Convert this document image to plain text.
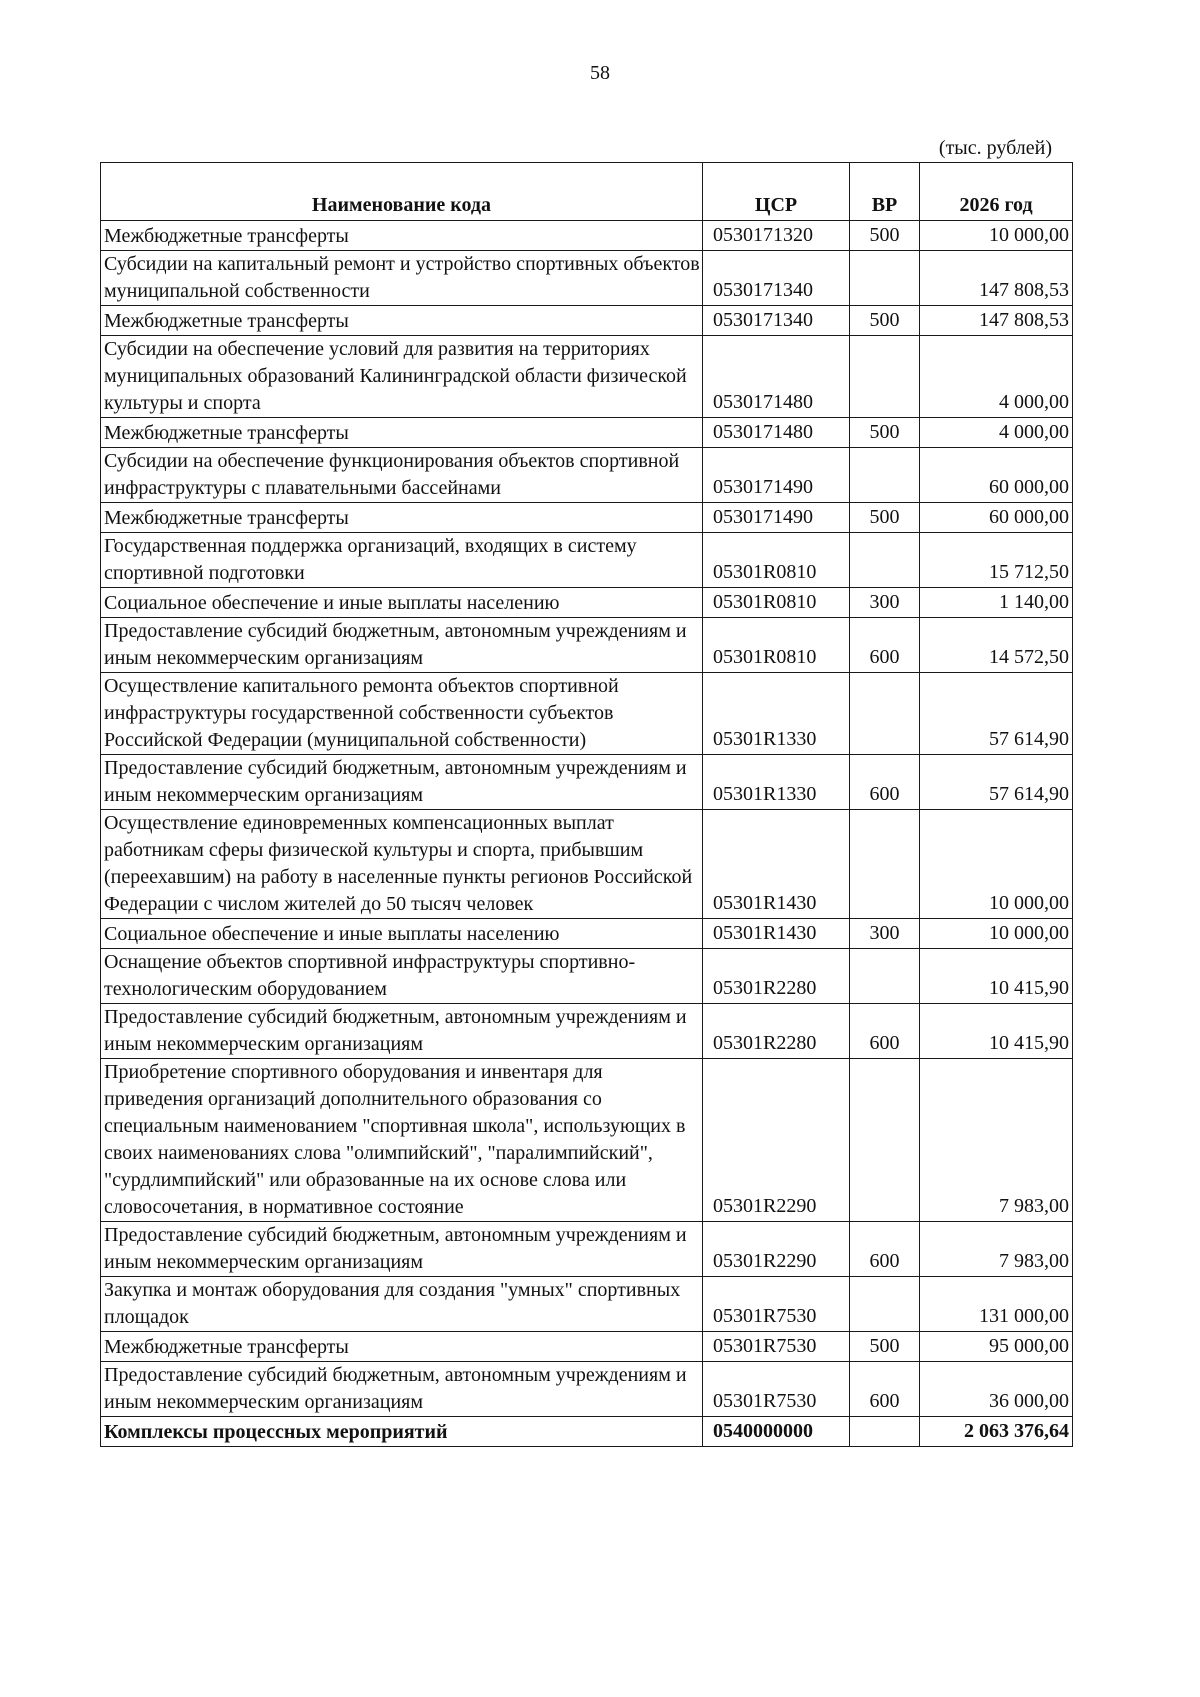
58
(тыс. рублей)
Наименование кода	ЦСР	ВР	2026 год
Межбюджетные трансферты	0530171320	500	10 000,00
Субсидии на капитальный ремонт и устройство спортивных объектов муниципальной собственности	0530171340		147 808,53
Межбюджетные трансферты	0530171340	500	147 808,53
Субсидии на обеспечение условий для развития на территориях муниципальных образований Калининградской области физической культуры и спорта	0530171480		4 000,00
Межбюджетные трансферты	0530171480	500	4 000,00
Субсидии на обеспечение функционирования объектов спортивной инфраструктуры с плавательными бассейнами	0530171490		60 000,00
Межбюджетные трансферты	0530171490	500	60 000,00
Государственная поддержка организаций, входящих в систему спортивной подготовки	05301R0810		15 712,50
Социальное обеспечение и иные выплаты населению	05301R0810	300	1 140,00
Предоставление субсидий бюджетным, автономным учреждениям и иным некоммерческим организациям	05301R0810	600	14 572,50
Осуществление капитального ремонта объектов спортивной инфраструктуры государственной собственности субъектов Российской Федерации (муниципальной собственности)	05301R1330		57 614,90
Предоставление субсидий бюджетным, автономным учреждениям и иным некоммерческим организациям	05301R1330	600	57 614,90
Осуществление единовременных компенсационных выплат работникам сферы физической культуры и спорта, прибывшим (переехавшим) на работу в населенные пункты регионов Российской Федерации с числом жителей до 50 тысяч человек	05301R1430		10 000,00
Социальное обеспечение и иные выплаты населению	05301R1430	300	10 000,00
Оснащение объектов спортивной инфраструктуры спортивно-технологическим оборудованием	05301R2280		10 415,90
Предоставление субсидий бюджетным, автономным учреждениям и иным некоммерческим организациям	05301R2280	600	10 415,90
Приобретение спортивного оборудования и инвентаря для приведения организаций дополнительного образования со специальным наименованием "спортивная школа", использующих в своих наименованиях слова "олимпийский", "паралимпийский", "сурдлимпийский" или образованные на их основе слова или словосочетания, в нормативное состояние	05301R2290		7 983,00
Предоставление субсидий бюджетным, автономным учреждениям и иным некоммерческим организациям	05301R2290	600	7 983,00
Закупка и монтаж оборудования для создания "умных" спортивных площадок	05301R7530		131 000,00
Межбюджетные трансферты	05301R7530	500	95 000,00
Предоставление субсидий бюджетным, автономным учреждениям и иным некоммерческим организациям	05301R7530	600	36 000,00
Комплексы процессных мероприятий	0540000000		2 063 376,64
